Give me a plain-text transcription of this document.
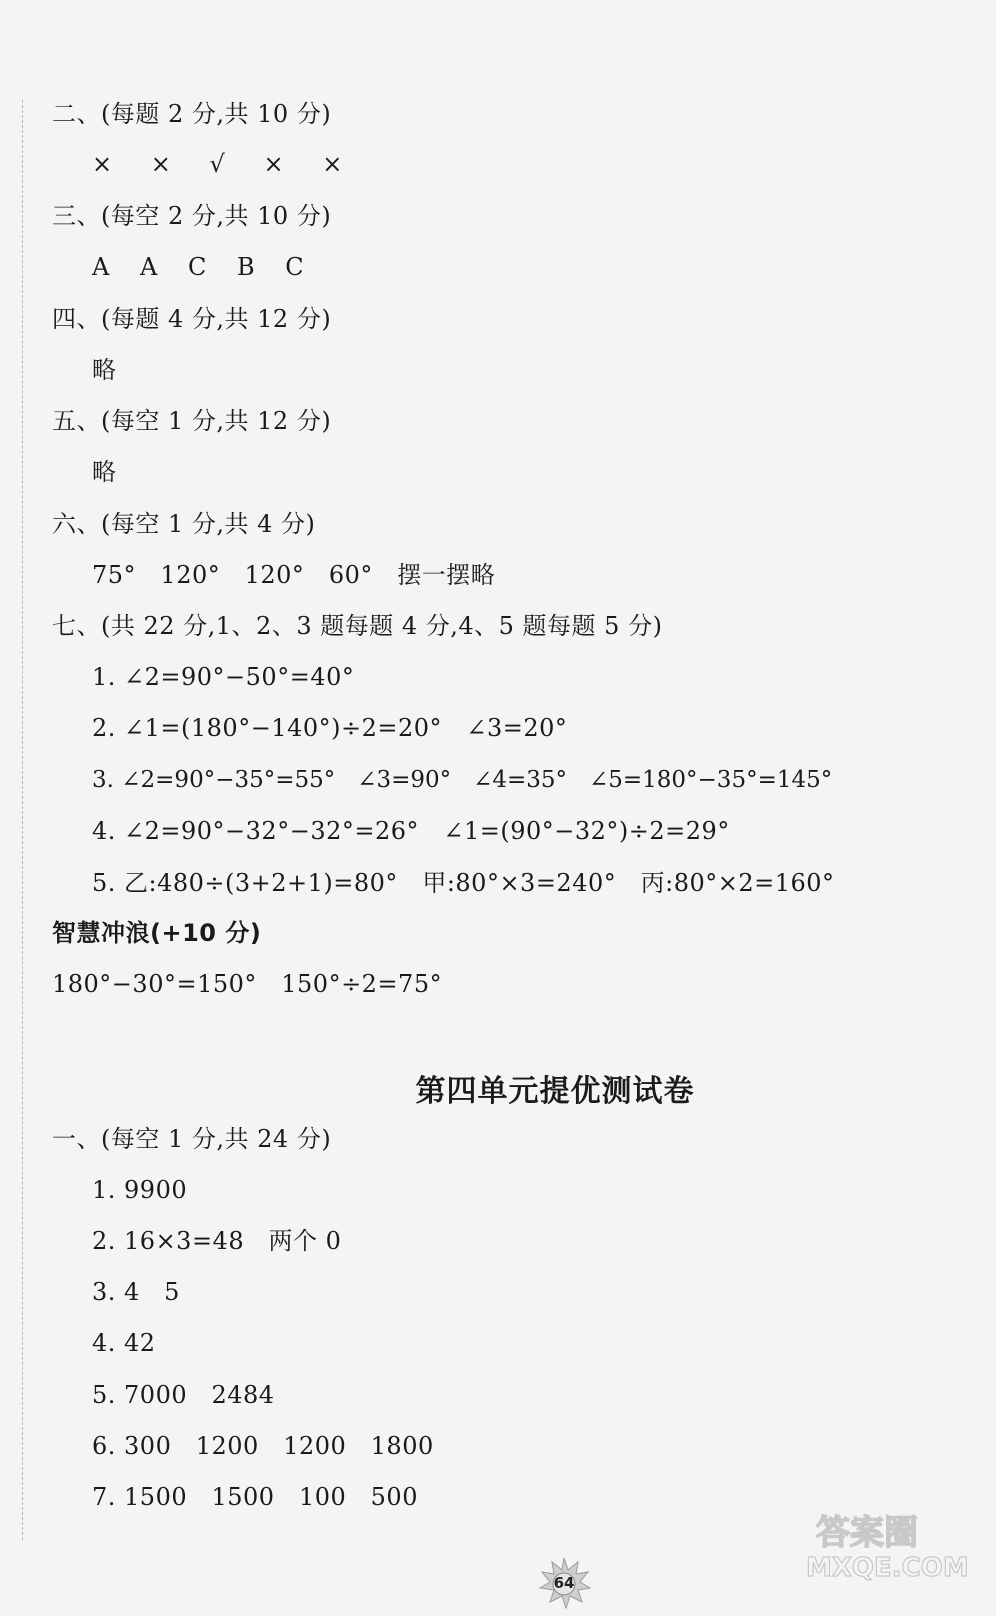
二、(每题 2 分,共 10 分)
× × √ × ×
三、(每空 2 分,共 10 分)
A A C B C
四、(每题 4 分,共 12 分)
略
五、(每空 1 分,共 12 分)
略
六、(每空 1 分,共 4 分)
75°   120°   120°   60°   摆一摆略
七、(共 22 分,1、2、3 题每题 4 分,4、5 题每题 5 分)
1. ∠2=90°−50°=40°
2. ∠1=(180°−140°)÷2=20°   ∠3=20°
3. ∠2=90°−35°=55°   ∠3=90°   ∠4=35°   ∠5=180°−35°=145°
4. ∠2=90°−32°−32°=26°   ∠1=(90°−32°)÷2=29°
5. 乙:480÷(3+2+1)=80°   甲:80°×3=240°   丙:80°×2=160°
智慧冲浪(+10 分)
180°−30°=150°   150°÷2=75°
第四单元提优测试卷
一、(每空 1 分,共 24 分)
1. 9900
2. 16×3=48   两个 0
3. 4   5
4. 42
5. 7000   2484
6. 300   1200   1200   1800
7. 1500   1500   100   500
64
答案圈
MXQE.COM
